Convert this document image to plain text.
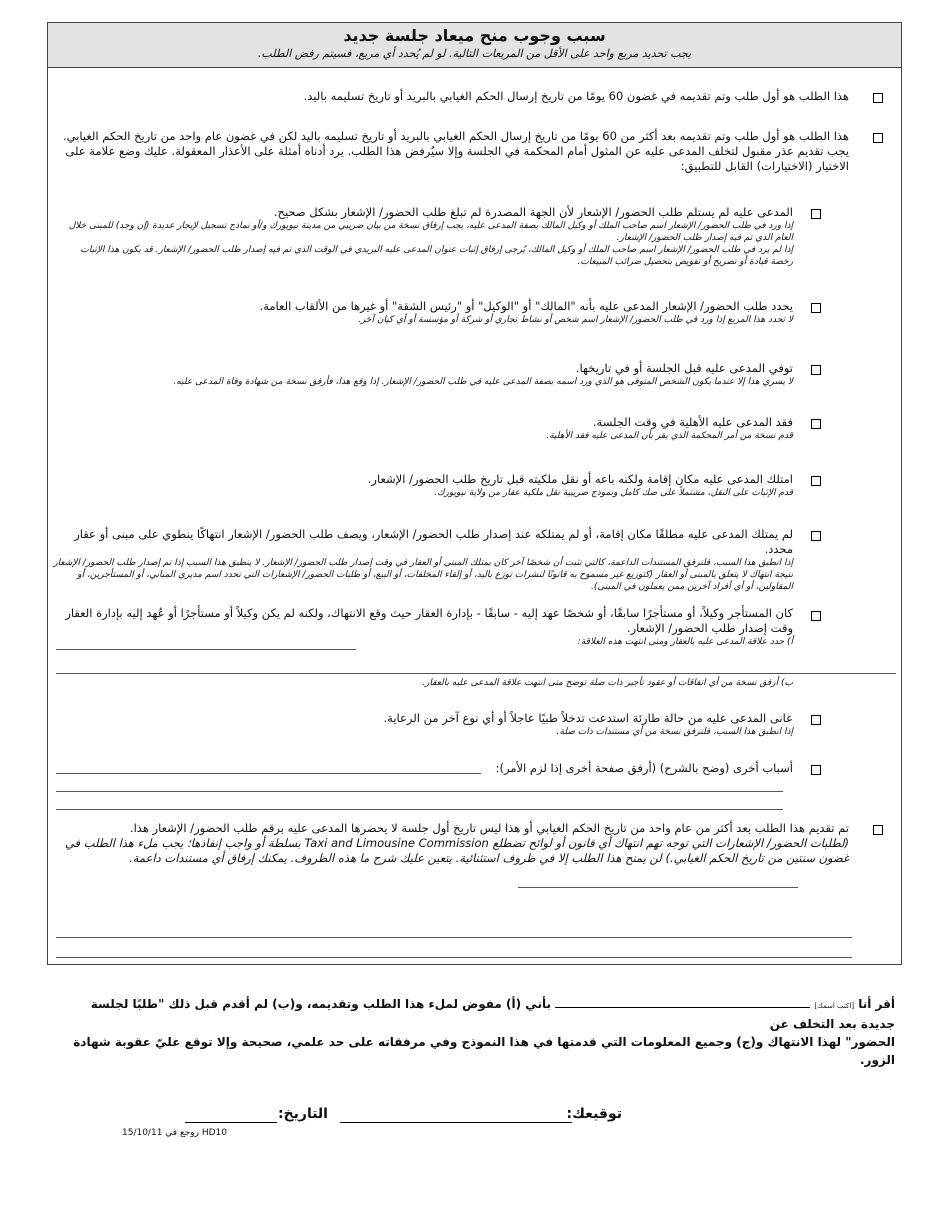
سبب وجوب منح ميعاد جلسة جديد
يجب تحديد مربع واحد على الأقل من المربعات التالية. لو لم يُحدد أي مربع، فسيتم رفض الطلب.
هذا الطلب هو أول طلب وتم تقديمه في غضون 60 يومًا من تاريخ إرسال الحكم الغيابي بالبريد أو تاريخ تسليمه باليد.
هذا الطلب هو أول طلب وتم تقديمه بعد أكثر من 60 يومًا من تاريخ إرسال الحكم الغيابي بالبريد أو تاريخ تسليمه باليد لكن في غضون عام واحد من تاريخ الحكم الغيابي. يجب تقديم عذر مقبول لتخلف المدعى عليه عن المثول أمام المحكمة في الجلسة وإلا سيُرفض هذا الطلب. يرد أدناه أمثلة على الأعذار المعقولة. عليك وضع علامة على الاختيار (الاختيارات) القابل للتطبيق:
المدعى عليه لم يستلم طلب الحضور/ الإشعار لأن الجهة المصدرة لم تبلغ طلب الحضور/ الإشعار بشكل صحيح.
إذا ورد في طلب الحضور/ الإشعار اسم صاحب الملك أو وكيل المالك بصفة المدعى عليه، يجب إرفاق نسخة من بيان ضريبي من مدينة نيويورك و/أو نماذج تسجيل لإيجار عديدة (إن وجد) للمبنى خلال العام الذي تم فيه إصدار طلب الحضور/ الإشعار.
إذا لم يرد في طلب الحضور/ الإشعار اسم صاحب الملك أو وكيل المالك، يُرجى إرفاق إثبات عنوان المدعى عليه البريدي في الوقت الذي تم فيه إصدار طلب الحضور/ الإشعار. قد يكون هذا الإثبات رخصة قيادة أو تصريح أو تفويض بتحصيل ضرائب المبيعات.
يحدد طلب الحضور/ الإشعار المدعى عليه بأنه "المالك" أو "الوكيل" أو "رئيس الشقة" أو غيرها من الألقاب العامة.
لا تحدد هذا المربع إذا ورد في طلب الحضور/ الإشعار اسم شخص أو نشاط تجاري أو شركة أو مؤسسة أو أي كيان آخر.
توفي المدعى عليه قبل الجلسة أو في تاريخها.
لا يسري هذا إلا عندما يكون الشخص المتوفى هو الذي ورد اسمه بصفة المدعى عليه في طلب الحضور/ الإشعار. إذا وقع هذا، فأرفق نسخة من شهادة وفاة المدعى عليه.
فقد المدعى عليه الأهلية في وقت الجلسة.
قدم نسخة من أمر المحكمة الذي يقر بأن المدعى عليه فقد الأهلية.
امتلك المدعى عليه مكان إقامة ولكنه باعه أو نقل ملكيته قبل تاريخ طلب الحضور/ الإشعار.
قدم الإثبات على النقل، مشتملاً على صك كامل ونموذج ضريبية نقل ملكية عقار من ولاية نيويورك.
لم يمتلك المدعى عليه مطلقًا مكان إقامة، أو لم يمتلكه عند إصدار طلب الحضور/ الإشعار، ويصف طلب الحضور/ الإشعار انتهاكًا ينطوي على مبنى أو عقار محدد.
إذا انطبق هذا السبب، فلترفق المستندات الداعمة، كالتي تثبت أن شخصًا آخر كان يمتلك المبنى أو العقار في وقت إصدار طلب الحضور/ الإشعار. لا ينطبق هذا السبب إذا تم إصدار طلب الحضور/ الإشعار نتيجة انتهاك لا يتعلق بالمبنى أو العقار (كتوزيع غير مسموح به قانونًا لنشرات توزع باليد، أو إلقاء المخلفات، أو البيع، أو طلبات الحضور/ الإشعارات التي تحدد اسم مديري المباني، أو المستأجرين، أو المقاولين، أو أي أفراد آخرين ممن يعملون في المبنى).
كان المستأجر وكيلاً، أو مستأجرًا سابقًا، أو شخصًا عهد إليه - سابقًا - بإدارة العقار حيث وقع الانتهاك، ولكنه لم يكن وكيلاً أو مستأجرًا أو عُهد إليه بإدارة العقار وقت إصدار طلب الحضور/ الإشعار.
أ) حدد علاقة المدعى عليه بالعقار ومتى انتهت هذه العلاقة:
ب) أرفق نسخة من أي اتفاقات أو عقود تأجير ذات صلة توضح متى انتهت علاقة المدعى عليه بالعقار.
عانى المدعى عليه من حالة طارئة استدعت تدخلاً طبيًا عاجلاً أو أي نوع آخر من الرعاية.
إذا انطبق هذا السبب، فلترفق نسخة من أي مستندات ذات صلة.
أسباب أخرى (وضح بالشرح) (أرفق صفحة أخرى إذا لزم الأمر):
تم تقديم هذا الطلب بعد أكثر من عام واحد من تاريخ الحكم الغيابي أو هذا ليس تاريخ أول جلسة لا يحضرها المدعى عليه برقم طلب الحضور/ الإشعار هذا.
(لطلبات الحضور/ الإشعارات التي توجه تهم انتهاك أي قانون أو لوائح تضطلع Taxi and Limousine Commission بسلطة أو واجب إنفاذها؛ يجب ملء هذا الطلب في غضون سنتين من تاريخ الحكم الغيابي.) لن يمنح هذا الطلب إلا في ظروف استثنائية. يتعين عليك شرح ما هذه الظروف. يمكنك إرفاق أي مستندات داعمة.
أقر أنا [اكتب اسمك]  بأني (أ) مفوض لملء هذا الطلب وتقديمه، و(ب) لم أقدم قبل ذلك "طلبًا لجلسة جديدة بعد التخلف عن
الحضور" لهذا الانتهاك و(ج) وجميع المعلومات التي قدمتها في هذا النموذج وفي مرفقاته على حد علمي، صحيحة وإلا توقع عليّ عقوبة شهادة الزور.
توقيعك:
التاريخ:
HD10 روجع في 15/10/11
